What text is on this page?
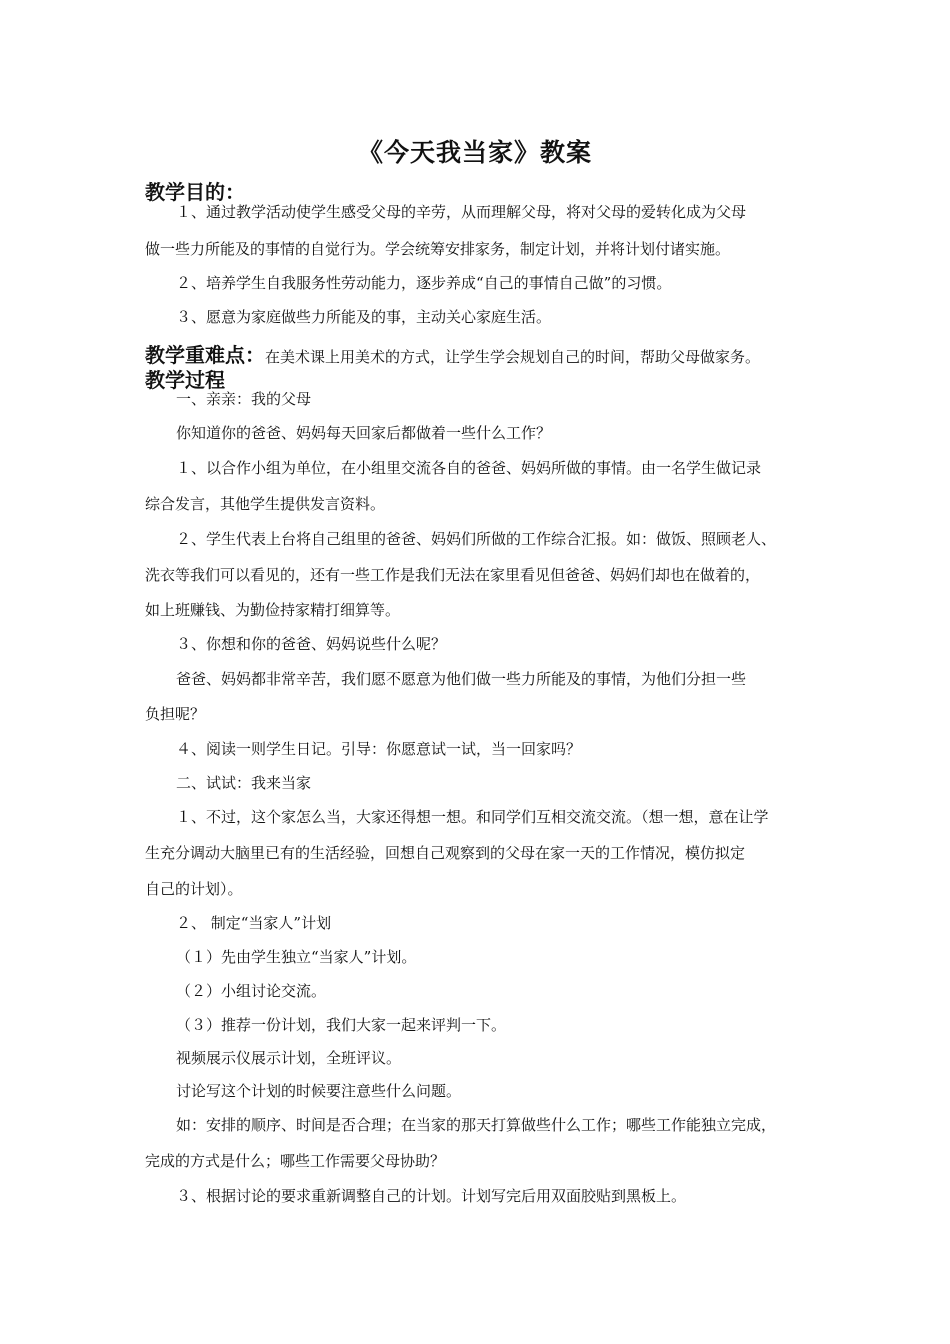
《今天我当家》教案
教学目的：
１、通过教学活动使学生感受父母的辛劳，从而理解父母，将对父母的爱转化成为父母
做一些力所能及的事情的自觉行为。学会统筹安排家务，制定计划，并将计划付诸实施。
２、培养学生自我服务性劳动能力，逐步养成“自己的事情自己做”的习惯。
３、愿意为家庭做些力所能及的事，主动关心家庭生活。
教学重难点：在美术课上用美术的方式，让学生学会规划自己的时间，帮助父母做家务。
教学过程
一、亲亲：我的父母
你知道你的爸爸、妈妈每天回家后都做着一些什么工作？
１、以合作小组为单位，在小组里交流各自的爸爸、妈妈所做的事情。由一名学生做记录
综合发言，其他学生提供发言资料。
２、学生代表上台将自己组里的爸爸、妈妈们所做的工作综合汇报。如：做饭、照顾老人、
洗衣等我们可以看见的，还有一些工作是我们无法在家里看见但爸爸、妈妈们却也在做着的，
如上班赚钱、为勤俭持家精打细算等。
３、你想和你的爸爸、妈妈说些什么呢？
爸爸、妈妈都非常辛苦，我们愿不愿意为他们做一些力所能及的事情，为他们分担一些
负担呢？
４、阅读一则学生日记。引导：你愿意试一试，当一回家吗？
二、试试：我来当家
１、不过，这个家怎么当，大家还得想一想。和同学们互相交流交流。（想一想，意在让学
生充分调动大脑里已有的生活经验，回想自己观察到的父母在家一天的工作情况，模仿拟定
自己的计划）。
２、 制定“当家人”计划
（１）先由学生独立“当家人”计划。
（２）小组讨论交流。
（３）推荐一份计划，我们大家一起来评判一下。
视频展示仪展示计划，全班评议。
讨论写这个计划的时候要注意些什么问题。
如：安排的顺序、时间是否合理；在当家的那天打算做些什么工作；哪些工作能独立完成，
完成的方式是什么；哪些工作需要父母协助？
３、根据讨论的要求重新调整自己的计划。计划写完后用双面胶贴到黑板上。
